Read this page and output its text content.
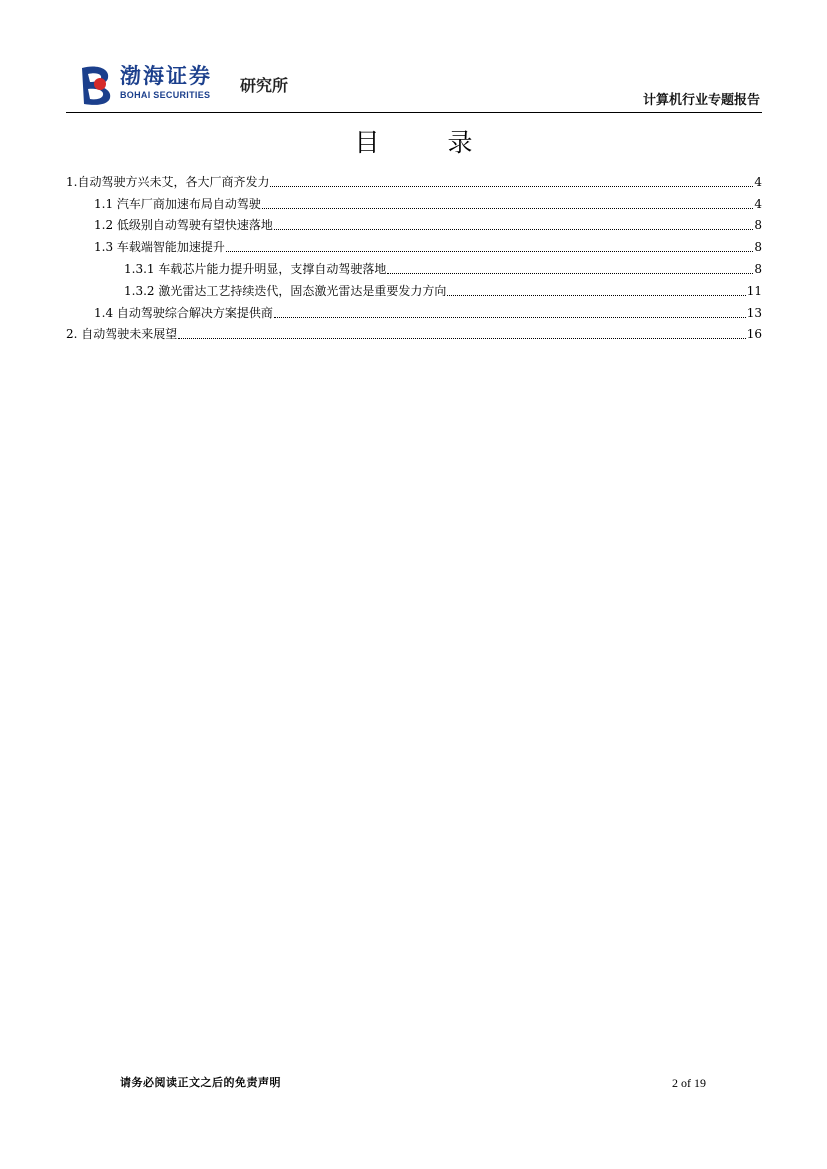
渤海证券
BOHAI SECURITIES 研究所
计算机行业专题报告
目 录
1.自动驾驶方兴未艾，各大厂商齐发力	4
1.1 汽车厂商加速布局自动驾驶	4
1.2 低级别自动驾驶有望快速落地	8
1.3 车载端智能加速提升	8
1.3.1 车载芯片能力提升明显，支撑自动驾驶落地	8
1.3.2 激光雷达工艺持续迭代，固态激光雷达是重要发力方向	11
1.4 自动驾驶综合解决方案提供商	13
2. 自动驾驶未来展望	16
请务必阅读正文之后的免责声明	2 of 19
